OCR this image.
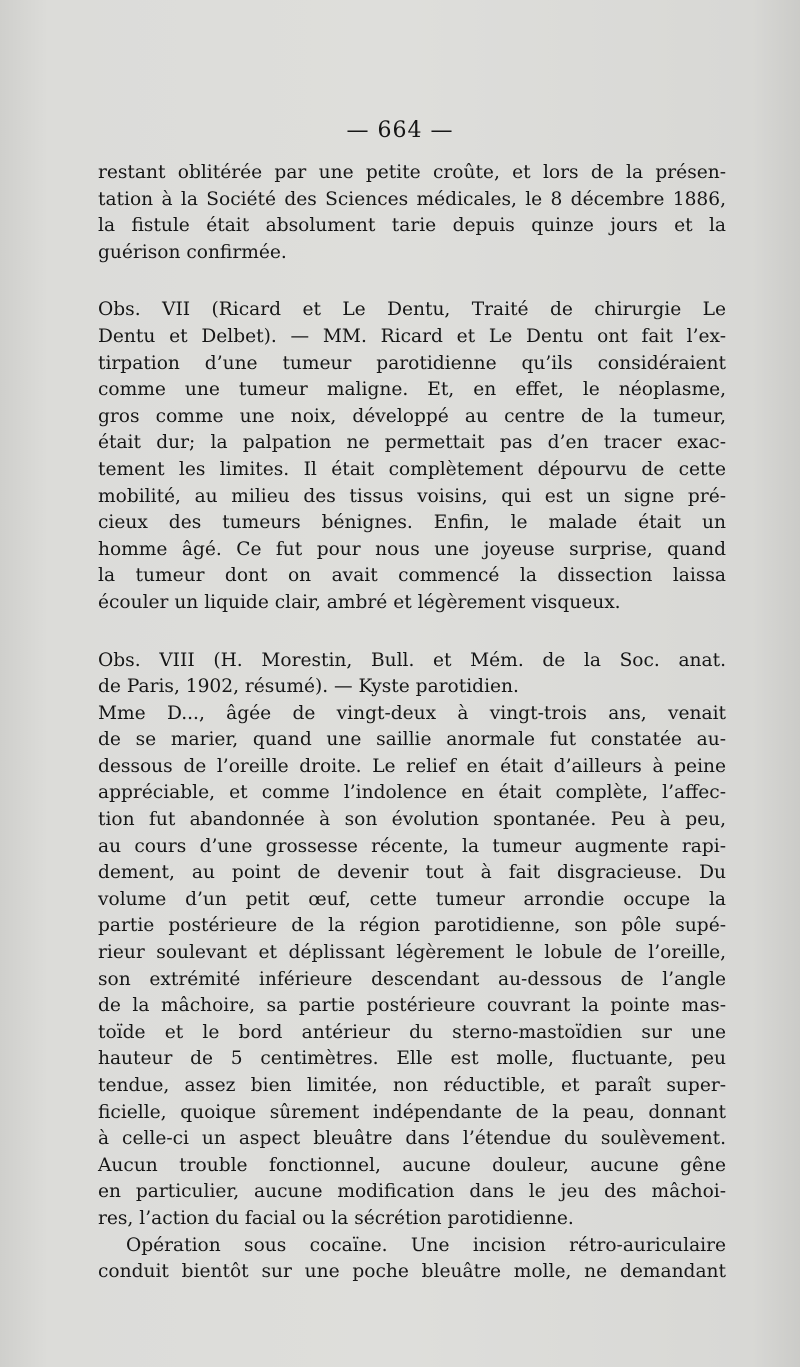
— 664 —
restant oblitérée par une petite croûte, et lors de la présen-
tation à la Société des Sciences médicales, le 8 décembre 1886,
la fistule était absolument tarie depuis quinze jours et la
guérison confirmée.
Obs. VII (Ricard et Le Dentu, Traité de chirurgie Le
Dentu et Delbet). — MM. Ricard et Le Dentu ont fait l’ex-
tirpation d’une tumeur parotidienne qu’ils considéraient
comme une tumeur maligne. Et, en effet, le néoplasme,
gros comme une noix, développé au centre de la tumeur,
était dur; la palpation ne permettait pas d’en tracer exac-
tement les limites. Il était complètement dépourvu de cette
mobilité, au milieu des tissus voisins, qui est un signe pré-
cieux des tumeurs bénignes. Enfin, le malade était un
homme âgé. Ce fut pour nous une joyeuse surprise, quand
la tumeur dont on avait commencé la dissection laissa
écouler un liquide clair, ambré et légèrement visqueux.
Obs. VIII (H. Morestin, Bull. et Mém. de la Soc. anat.
de Paris, 1902, résumé). — Kyste parotidien.
Mme D..., âgée de vingt-deux à vingt-trois ans, venait
de se marier, quand une saillie anormale fut constatée au-
dessous de l’oreille droite. Le relief en était d’ailleurs à peine
appréciable, et comme l’indolence en était complète, l’affec-
tion fut abandonnée à son évolution spontanée. Peu à peu,
au cours d’une grossesse récente, la tumeur augmente rapi-
dement, au point de devenir tout à fait disgracieuse. Du
volume d’un petit œuf, cette tumeur arrondie occupe la
partie postérieure de la région parotidienne, son pôle supé-
rieur soulevant et déplissant légèrement le lobule de l’oreille,
son extrémité inférieure descendant au-dessous de l’angle
de la mâchoire, sa partie postérieure couvrant la pointe mas-
toïde et le bord antérieur du sterno-mastoïdien sur une
hauteur de 5 centimètres. Elle est molle, fluctuante, peu
tendue, assez bien limitée, non réductible, et paraît super-
ficielle, quoique sûrement indépendante de la peau, donnant
à celle-ci un aspect bleuâtre dans l’étendue du soulèvement.
Aucun trouble fonctionnel, aucune douleur, aucune gêne
en particulier, aucune modification dans le jeu des mâchoi-
res, l’action du facial ou la sécrétion parotidienne.
Opération sous cocaïne. Une incision rétro-auriculaire
conduit bientôt sur une poche bleuâtre molle, ne demandant
